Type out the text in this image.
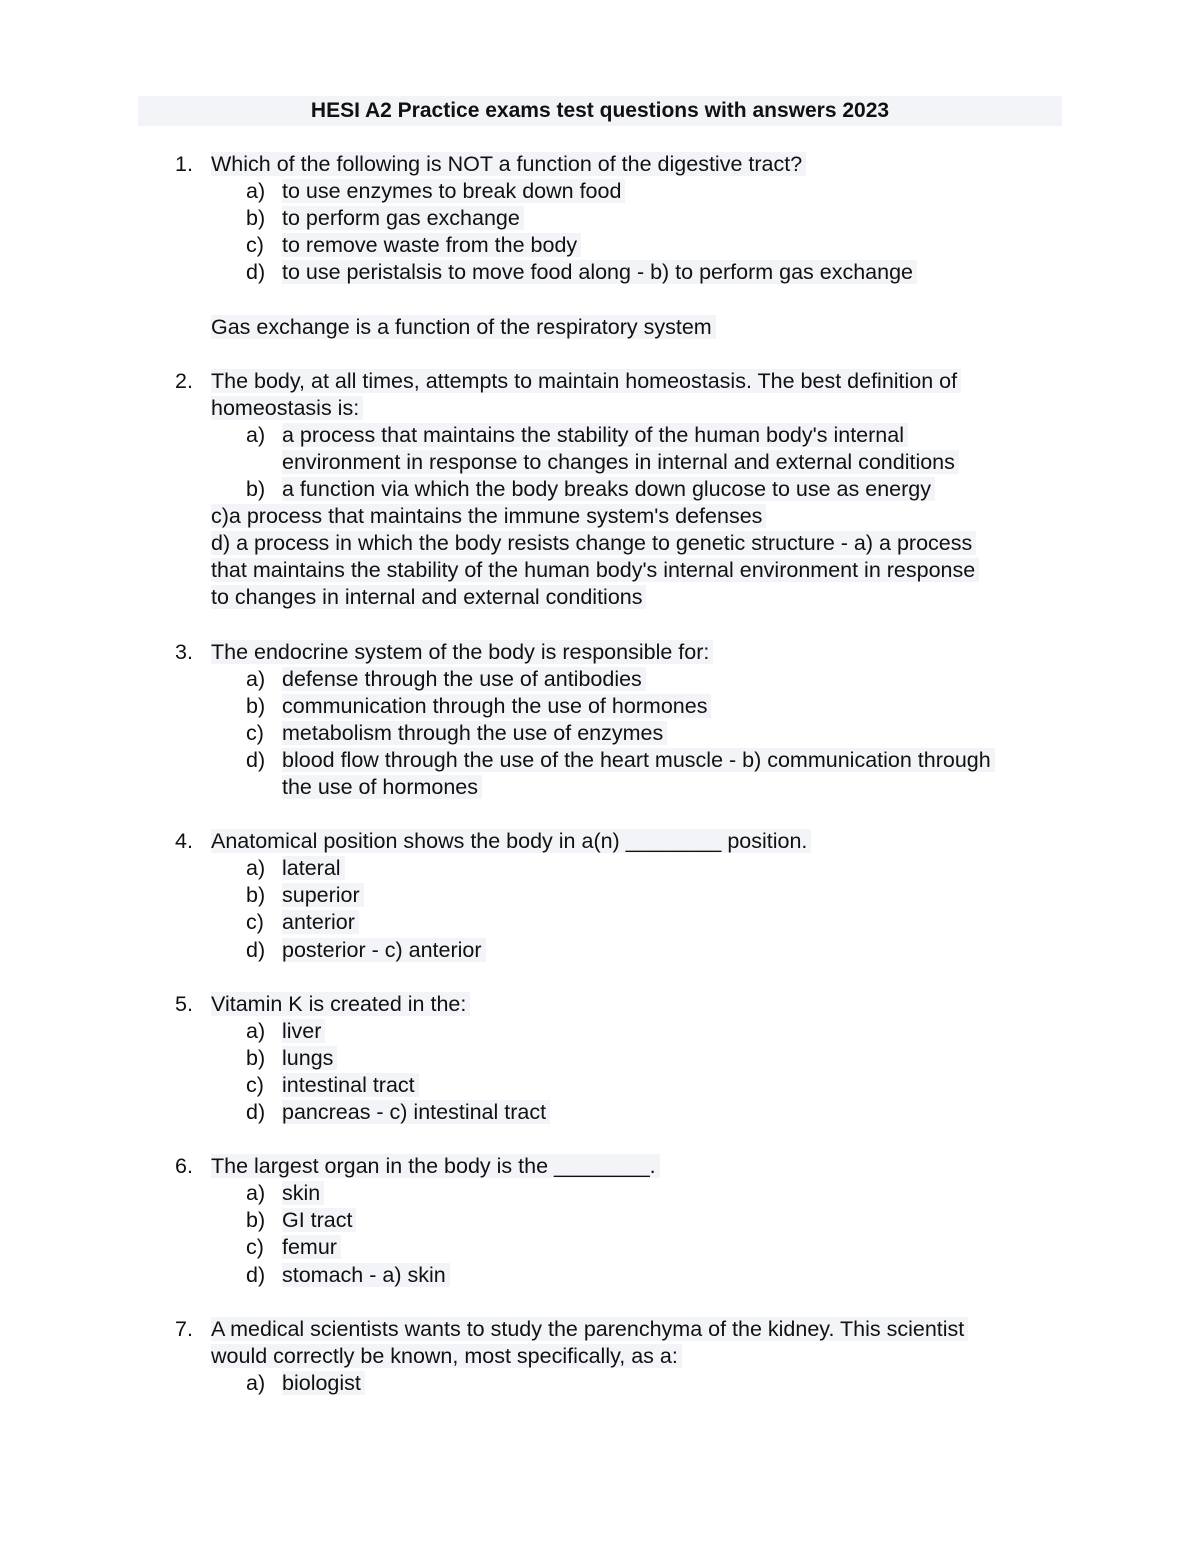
HESI A2 Practice exams test questions with answers 2023
1. Which of the following is NOT a function of the digestive tract?
a) to use enzymes to break down food
b) to perform gas exchange
c) to remove waste from the body
d) to use peristalsis to move food along - b) to perform gas exchange
Gas exchange is a function of the respiratory system
2. The body, at all times, attempts to maintain homeostasis. The best definition of
homeostasis is:
a) a process that maintains the stability of the human body's internal
environment in response to changes in internal and external conditions
b) a function via which the body breaks down glucose to use as energy
c)a process that maintains the immune system's defenses
d) a process in which the body resists change to genetic structure - a) a process
that maintains the stability of the human body's internal environment in response
to changes in internal and external conditions
3. The endocrine system of the body is responsible for:
a) defense through the use of antibodies
b) communication through the use of hormones
c) metabolism through the use of enzymes
d) blood flow through the use of the heart muscle - b) communication through
the use of hormones
4. Anatomical position shows the body in a(n) ________ position.
a) lateral
b) superior
c) anterior
d) posterior - c) anterior
5. Vitamin K is created in the:
a) liver
b) lungs
c) intestinal tract
d) pancreas - c) intestinal tract
6. The largest organ in the body is the ________.
a) skin
b) GI tract
c) femur
d) stomach - a) skin
7. A medical scientists wants to study the parenchyma of the kidney. This scientist
would correctly be known, most specifically, as a:
a) biologist
